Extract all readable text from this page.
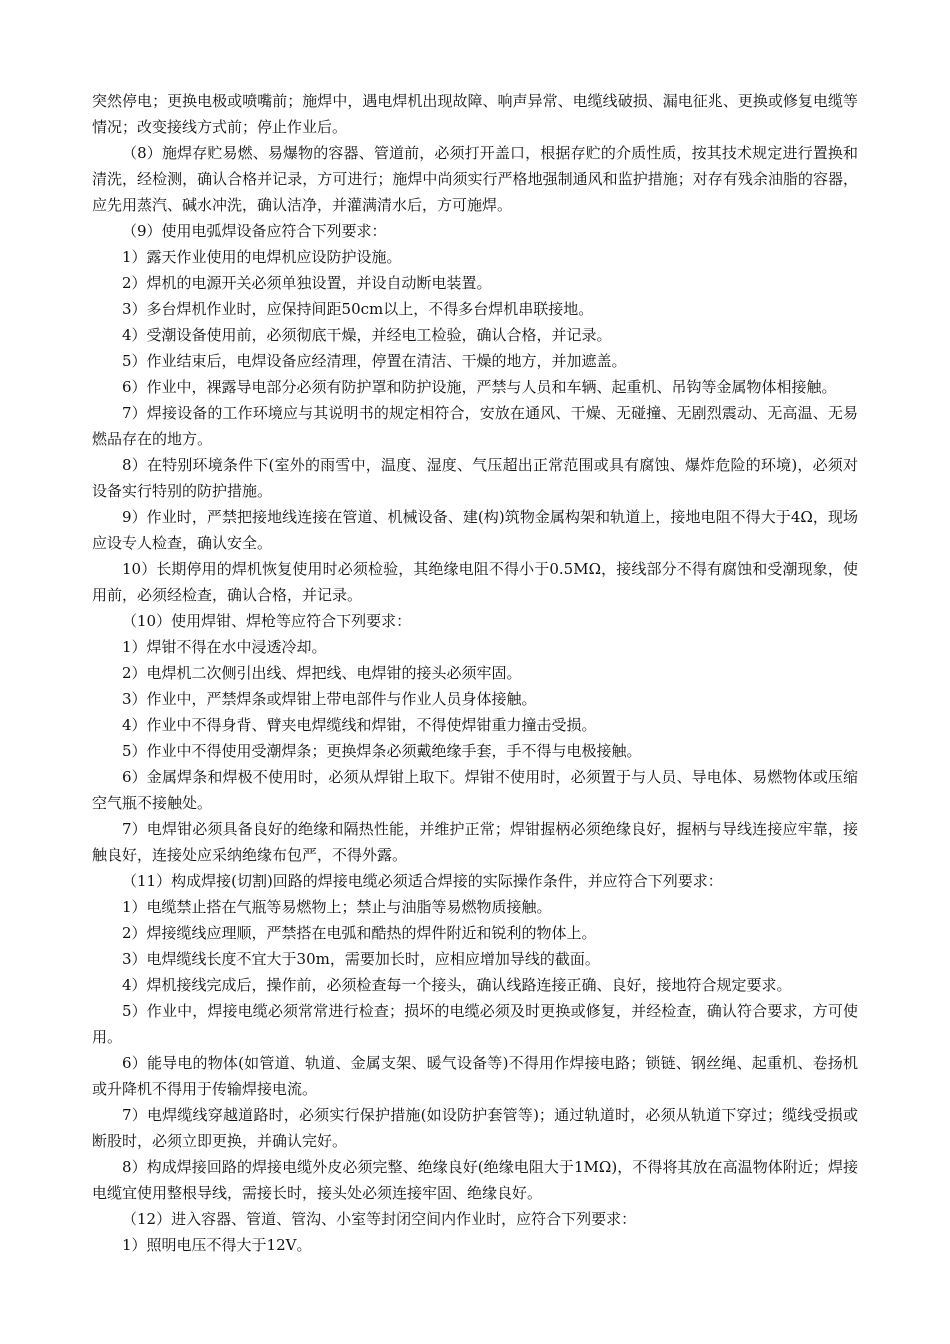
突然停电；更换电极或喷嘴前；施焊中，遇电焊机出现故障、响声异常、电缆线破损、漏电征兆、更换或修复电缆等情况；改变接线方式前；停止作业后。

（8）施焊存贮易燃、易爆物的容器、管道前，必须打开盖口，根据存贮的介质性质，按其技术规定进行置换和清洗，经检测，确认合格并记录，方可进行；施焊中尚须实行严格地强制通风和监护措施；对存有残余油脂的容器，应先用蒸汽、碱水冲洗，确认洁净，并灌满清水后，方可施焊。

（9）使用电弧焊设备应符合下列要求：

1）露天作业使用的电焊机应设防护设施。

2）焊机的电源开关必须单独设置，并设自动断电装置。

3）多台焊机作业时，应保持间距50cm以上，不得多台焊机串联接地。

4）受潮设备使用前，必须彻底干燥，并经电工检验，确认合格，并记录。

5）作业结束后，电焊设备应经清理，停置在清洁、干燥的地方，并加遮盖。

6）作业中，裸露导电部分必须有防护罩和防护设施，严禁与人员和车辆、起重机、吊钩等金属物体相接触。

7）焊接设备的工作环境应与其说明书的规定相符合，安放在通风、干燥、无碰撞、无剧烈震动、无高温、无易燃品存在的地方。

8）在特别环境条件下(室外的雨雪中，温度、湿度、气压超出正常范围或具有腐蚀、爆炸危险的环境)，必须对设备实行特别的防护措施。

9）作业时，严禁把接地线连接在管道、机械设备、建(构)筑物金属构架和轨道上，接地电阻不得大于4Ω，现场应设专人检查，确认安全。

10）长期停用的焊机恢复使用时必须检验，其绝缘电阻不得小于0.5MΩ，接线部分不得有腐蚀和受潮现象，使用前，必须经检查，确认合格，并记录。

（10）使用焊钳、焊枪等应符合下列要求：

1）焊钳不得在水中浸透冷却。

2）电焊机二次侧引出线、焊把线、电焊钳的接头必须牢固。

3）作业中，严禁焊条或焊钳上带电部件与作业人员身体接触。

4）作业中不得身背、臂夹电焊缆线和焊钳，不得使焊钳重力撞击受损。

5）作业中不得使用受潮焊条；更换焊条必须戴绝缘手套，手不得与电极接触。

6）金属焊条和焊极不使用时，必须从焊钳上取下。焊钳不使用时，必须置于与人员、导电体、易燃物体或压缩空气瓶不接触处。

7）电焊钳必须具备良好的绝缘和隔热性能，并维护正常；焊钳握柄必须绝缘良好，握柄与导线连接应牢靠，接触良好，连接处应采纳绝缘布包严，不得外露。

（11）构成焊接(切割)回路的焊接电缆必须适合焊接的实际操作条件，并应符合下列要求：

1）电缆禁止搭在气瓶等易燃物上；禁止与油脂等易燃物质接触。

2）焊接缆线应理顺，严禁搭在电弧和酷热的焊件附近和锐利的物体上。

3）电焊缆线长度不宜大于30m，需要加长时，应相应增加导线的截面。

4）焊机接线完成后，操作前，必须检查每一个接头，确认线路连接正确、良好，接地符合规定要求。

5）作业中，焊接电缆必须常常进行检查；损坏的电缆必须及时更换或修复，并经检查，确认符合要求，方可使用。

6）能导电的物体(如管道、轨道、金属支架、暖气设备等)不得用作焊接电路；锁链、钢丝绳、起重机、卷扬机或升降机不得用于传输焊接电流。

7）电焊缆线穿越道路时，必须实行保护措施(如设防护套管等)；通过轨道时，必须从轨道下穿过；缆线受损或断股时，必须立即更换，并确认完好。

8）构成焊接回路的焊接电缆外皮必须完整、绝缘良好(绝缘电阻大于1MΩ)，不得将其放在高温物体附近；焊接电缆宜使用整根导线，需接长时，接头处必须连接牢固、绝缘良好。

（12）进入容器、管道、管沟、小室等封闭空间内作业时，应符合下列要求：

1）照明电压不得大于12V。
